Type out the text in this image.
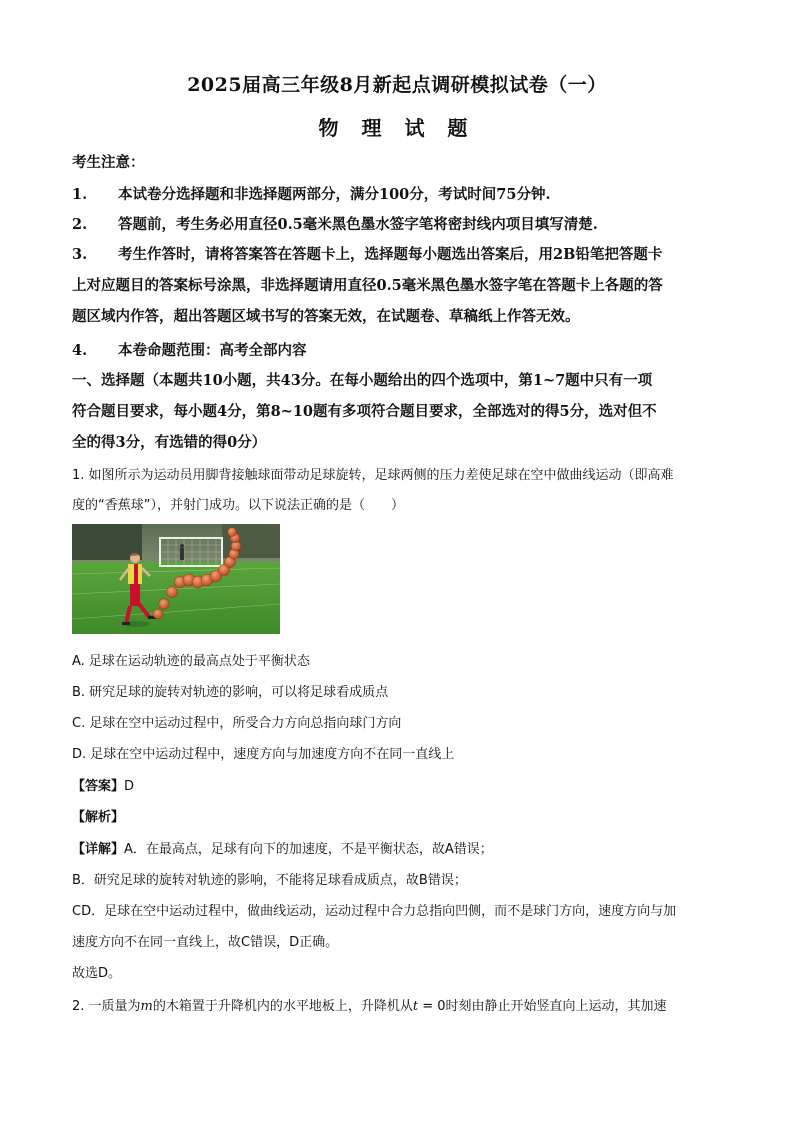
2025届高三年级8月新起点调研模拟试卷（一）
物 理 试 题
考生注意：
1. 本试卷分选择题和非选择题两部分，满分100分，考试时间75分钟.
2. 答题前，考生务必用直径0.5毫米黑色墨水签字笔将密封线内项目填写清楚.
3. 考生作答时，请将答案答在答题卡上，选择题每小题选出答案后，用2B铅笔把答题卡
上对应题目的答案标号涂黑，非选择题请用直径0.5毫米黑色墨水签字笔在答题卡上各题的答
题区域内作答，超出答题区域书写的答案无效，在试题卷、草稿纸上作答无效。
4. 本卷命题范围：高考全部内容
一、选择题（本题共10小题，共43分。在每小题给出的四个选项中，第1~7题中只有一项
符合题目要求，每小题4分，第8~10题有多项符合题目要求，全部选对的得5分，选对但不
全的得3分，有选错的得0分）
1. 如图所示为运动员用脚背接触球面带动足球旋转，足球两侧的压力差使足球在空中做曲线运动（即高难
度的“香蕉球”），并射门成功。以下说法正确的是（　　）
A. 足球在运动轨迹的最高点处于平衡状态
B. 研究足球的旋转对轨迹的影响，可以将足球看成质点
C. 足球在空中运动过程中，所受合力方向总指向球门方向
D. 足球在空中运动过程中，速度方向与加速度方向不在同一直线上
【答案】D
【解析】
【详解】A．在最高点，足球有向下的加速度，不是平衡状态，故A错误；
B．研究足球的旋转对轨迹的影响，不能将足球看成质点，故B错误；
CD．足球在空中运动过程中，做曲线运动，运动过程中合力总指向凹侧，而不是球门方向，速度方向与加
速度方向不在同一直线上，故C错误，D正确。
故选D。
2. 一质量为m的木箱置于升降机内的水平地板上，升降机从t = 0时刻由静止开始竖直向上运动，其加速
